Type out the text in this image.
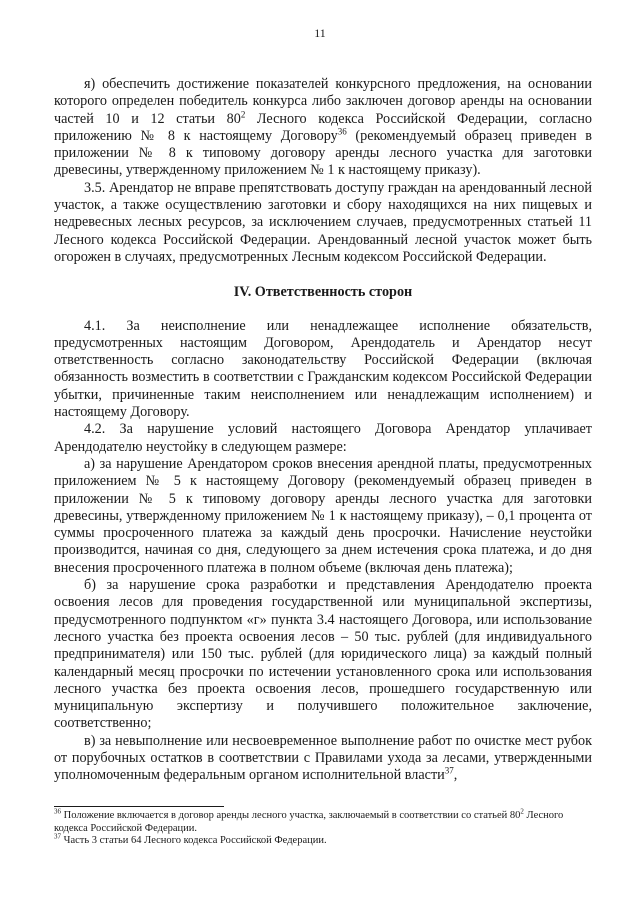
11

я) обеспечить достижение показателей конкурсного предложения, на основании которого определен победитель конкурса либо заключен договор аренды на основании частей 10 и 12 статьи $80^2$ Лесного кодекса Российской Федерации, согласно приложению № 8 к настоящему Договору$^{36}$ (рекомендуемый образец приведен в приложении № 8 к типовому договору аренды лесного участка для заготовки древесины, утвержденному приложением № 1 к настоящему приказу).

3.5. Арендатор не вправе препятствовать доступу граждан на арендованный лесной участок, а также осуществлению заготовки и сбору находящихся на них пищевых и недревесных лесных ресурсов, за исключением случаев, предусмотренных статьей 11 Лесного кодекса Российской Федерации. Арендованный лесной участок может быть огорожен в случаях, предусмотренных Лесным кодексом Российской Федерации.

IV. Ответственность сторон

4.1. За неисполнение или ненадлежащее исполнение обязательств, предусмотренных настоящим Договором, Арендодатель и Арендатор несут ответственность согласно законодательству Российской Федерации (включая обязанность возместить в соответствии с Гражданским кодексом Российской Федерации убытки, причиненные таким неисполнением или ненадлежащим исполнением) и настоящему Договору.

4.2. За нарушение условий настоящего Договора Арендатор уплачивает Арендодателю неустойку в следующем размере:

а) за нарушение Арендатором сроков внесения арендной платы, предусмотренных приложением № 5 к настоящему Договору (рекомендуемый образец приведен в приложении № 5 к типовому договору аренды лесного участка для заготовки древесины, утвержденному приложением № 1 к настоящему приказу), – 0,1 процента от суммы просроченного платежа за каждый день просрочки. Начисление неустойки производится, начиная со дня, следующего за днем истечения срока платежа, и до дня внесения просроченного платежа в полном объеме (включая день платежа);

б) за нарушение срока разработки и представления Арендодателю проекта освоения лесов для проведения государственной или муниципальной экспертизы, предусмотренного подпунктом «г» пункта 3.4 настоящего Договора, или использование лесного участка без проекта освоения лесов – 50 тыс. рублей (для индивидуального предпринимателя) или 150 тыс. рублей (для юридического лица) за каждый полный календарный месяц просрочки по истечении установленного срока или использования лесного участка без проекта освоения лесов, прошедшего государственную или муниципальную экспертизу и получившего положительное заключение, соответственно;

в) за невыполнение или несвоевременное выполнение работ по очистке мест рубок от порубочных остатков в соответствии с Правилами ухода за лесами, утвержденными уполномоченным федеральным органом исполнительной власти$^{37}$,

$^{36}$ Положение включается в договор аренды лесного участка, заключаемый в соответствии со статьей $80^2$ Лесного кодекса Российской Федерации.

$^{37}$ Часть 3 статьи 64 Лесного кодекса Российской Федерации.
